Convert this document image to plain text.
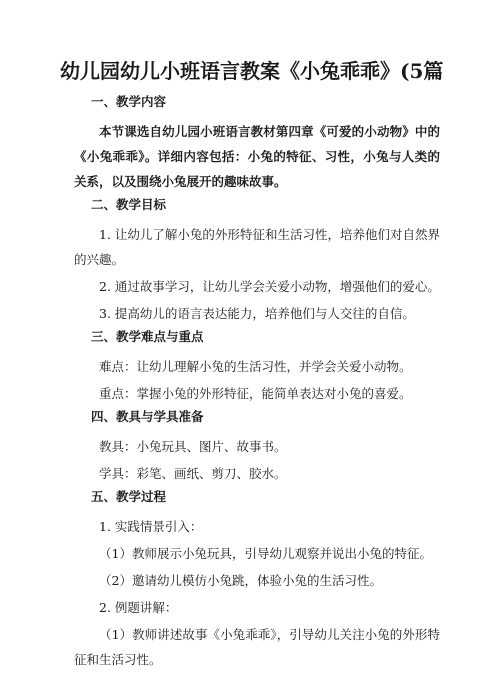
幼儿园幼儿小班语言教案《小兔乖乖》(5篇
一、教学内容
本节课选自幼儿园小班语言教材第四章《可爱的小动物》中的《小兔乖乖》。详细内容包括：小兔的特征、习性，小兔与人类的关系，以及围绕小兔展开的趣味故事。
二、教学目标
1. 让幼儿了解小兔的外形特征和生活习性，培养他们对自然界的兴趣。
2. 通过故事学习，让幼儿学会关爱小动物，增强他们的爱心。
3. 提高幼儿的语言表达能力，培养他们与人交往的自信。
三、教学难点与重点
难点：让幼儿理解小兔的生活习性，并学会关爱小动物。
重点：掌握小兔的外形特征，能简单表达对小兔的喜爱。
四、教具与学具准备
教具：小兔玩具、图片、故事书。
学具：彩笔、画纸、剪刀、胶水。
五、教学过程
1. 实践情景引入：
（1）教师展示小兔玩具，引导幼儿观察并说出小兔的特征。
（2）邀请幼儿模仿小兔跳，体验小兔的生活习性。
2. 例题讲解：
（1）教师讲述故事《小兔乖乖》，引导幼儿关注小兔的外形特征和生活习性。
